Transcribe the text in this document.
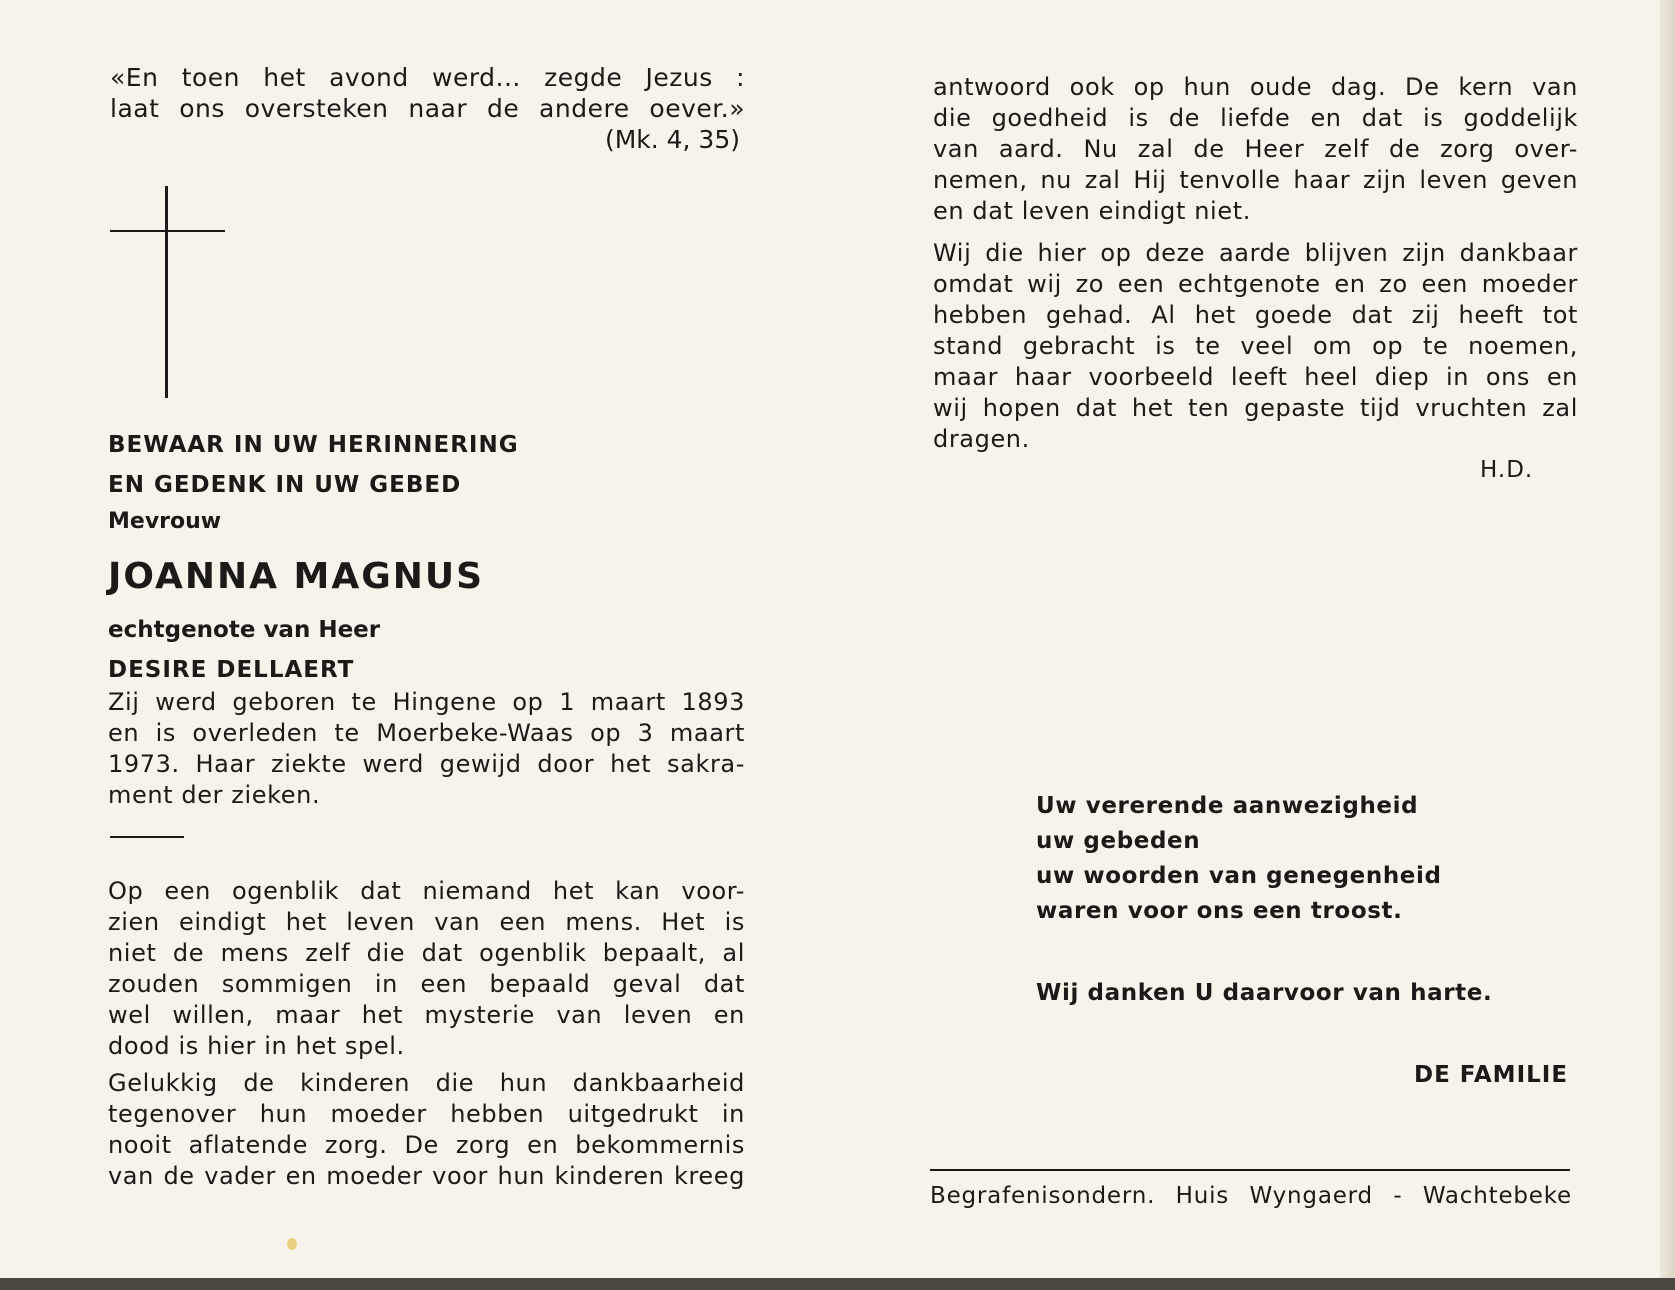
«En toen het avond werd... zegde Jezus :
laat ons oversteken naar de andere oever.»
(Mk. 4, 35)
BEWAAR IN UW HERINNERING
EN GEDENK IN UW GEBED
Mevrouw
JOANNA MAGNUS
echtgenote van Heer
DESIRE DELLAERT

Zij werd geboren te Hingene op 1 maart 1893

en is overleden te Moerbeke-Waas op 3 maart

1973. Haar ziekte werd gewijd door het sakra-

ment der zieken.

Op een ogenblik dat niemand het kan voor-

zien eindigt het leven van een mens. Het is

niet de mens zelf die dat ogenblik bepaalt, al

zouden sommigen in een bepaald geval dat

wel willen, maar het mysterie van leven en

dood is hier in het spel.

Gelukkig de kinderen die hun dankbaarheid

tegenover hun moeder hebben uitgedrukt in

nooit aflatende zorg. De zorg en bekommernis

van de vader en moeder voor hun kinderen kreeg

antwoord ook op hun oude dag. De kern van

die goedheid is de liefde en dat is goddelijk

van aard. Nu zal de Heer zelf de zorg over-

nemen, nu zal Hij tenvolle haar zijn leven geven

en dat leven eindigt niet.

Wij die hier op deze aarde blijven zijn dankbaar

omdat wij zo een echtgenote en zo een moeder

hebben gehad. Al het goede dat zij heeft tot

stand gebracht is te veel om op te noemen,

maar haar voorbeeld leeft heel diep in ons en

wij hopen dat het ten gepaste tijd vruchten zal

dragen.

H.D.
Uw vererende aanwezigheid
uw gebeden
uw woorden van genegenheid
waren voor ons een troost.
Wij danken U daarvoor van harte.
DE FAMILIE
Begrafenisondern. Huis Wyngaerd - Wachtebeke
